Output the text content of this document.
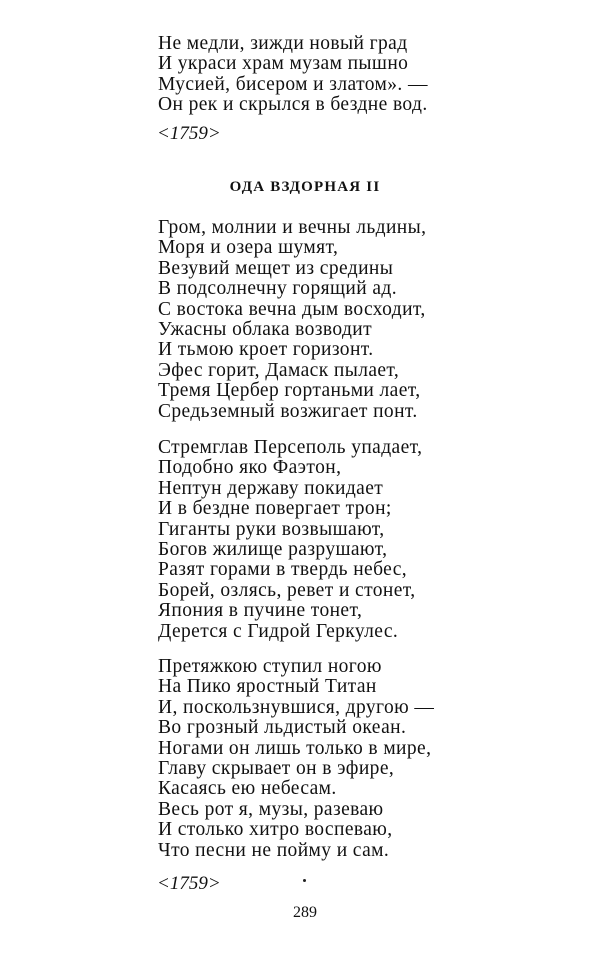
Не медли, зижди новый град
И украси храм музам пышно
Мусией, бисером и златом». —
Он рек и скрылся в бездне вод.
<1759>
ОДА ВЗДОРНАЯ II
Гром, молнии и вечны льдины,
Моря и озера шумят,
Везувий мещет из средины
В подсолнечну горящий ад.
С востока вечна дым восходит,
Ужасны облака возводит
И тьмою кроет горизонт.
Эфес горит, Дамаск пылает,
Тремя Цербер гортаньми лает,
Средьземный возжигает понт.
Стремглав Персеполь упадает,
Подобно яко Фаэтон,
Нептун державу покидает
И в бездне повергает трон;
Гиганты руки возвышают,
Богов жилище разрушают,
Разят горами в твердь небес,
Борей, озлясь, ревет и стонет,
Япония в пучине тонет,
Дерется с Гидрой Геркулес.
Претяжкою ступил ногою
На Пико яростный Титан
И, поскользнувшися, другою —
Во грозный льдистый океан.
Ногами он лишь только в мире,
Главу скрывает он в эфире,
Касаясь ею небесам.
Весь рот я, музы, разеваю
И столько хитро воспеваю,
Что песни не пойму и сам.
<1759>
289
